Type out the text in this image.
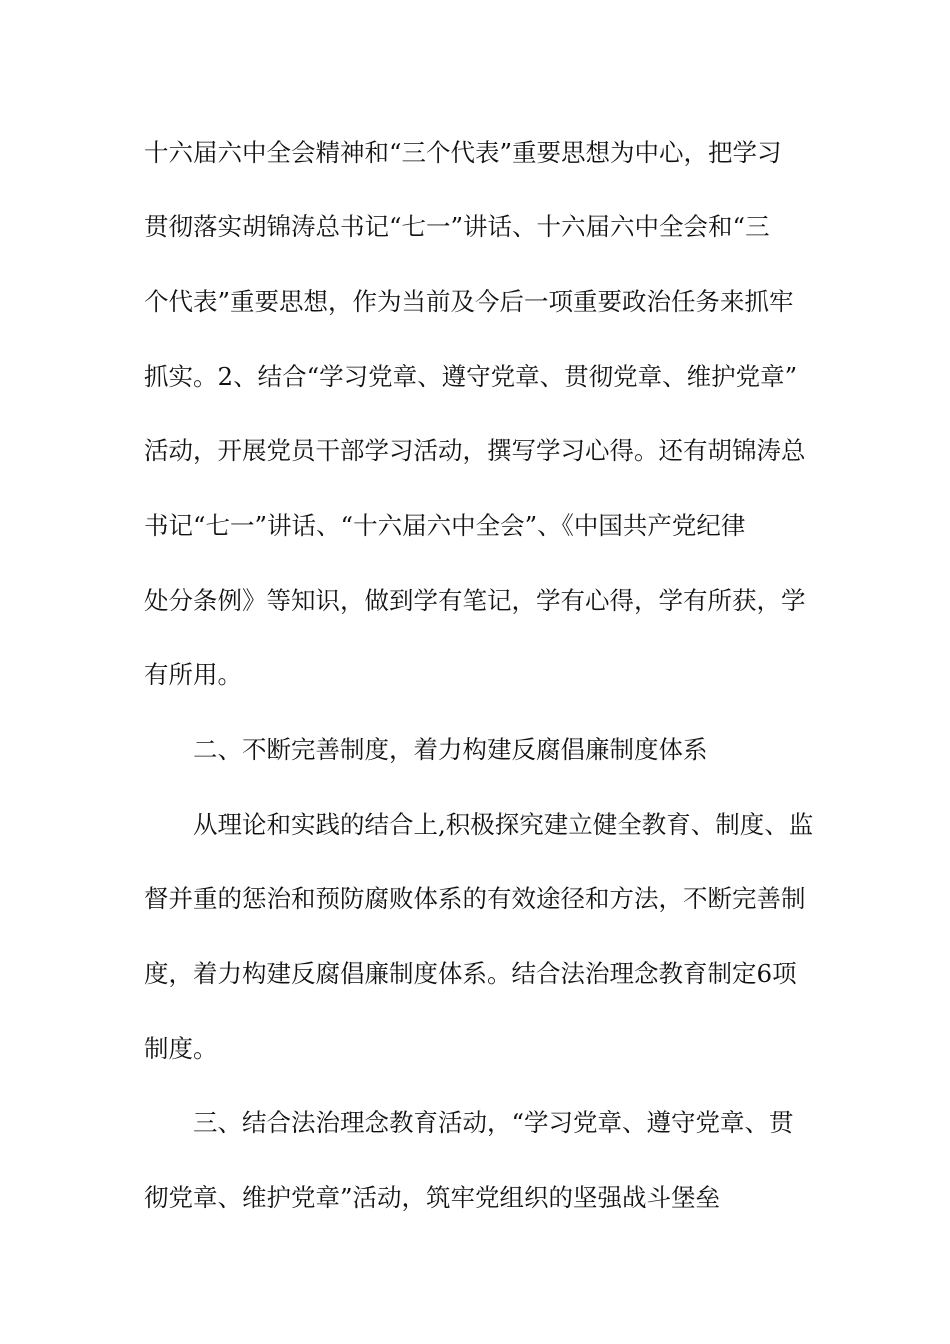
十六届六中全会精神和“三个代表”重要思想为中心，把学习
贯彻落实胡锦涛总书记“七一”讲话、十六届六中全会和“三
个代表”重要思想，作为当前及今后一项重要政治任务来抓牢
抓实。2、结合“学习党章、遵守党章、贯彻党章、维护党章”
活动，开展党员干部学习活动，撰写学习心得。还有胡锦涛总
书记“七一”讲话、“十六届六中全会”、《中国共产党纪律
处分条例》等知识，做到学有笔记，学有心得，学有所获，学
有所用。
二、不断完善制度，着力构建反腐倡廉制度体系
从理论和实践的结合上,积极探究建立健全教育、制度、监
督并重的惩治和预防腐败体系的有效途径和方法，不断完善制
度，着力构建反腐倡廉制度体系。结合法治理念教育制定6项
制度。
三、结合法治理念教育活动，“学习党章、遵守党章、贯
彻党章、维护党章”活动，筑牢党组织的坚强战斗堡垒
